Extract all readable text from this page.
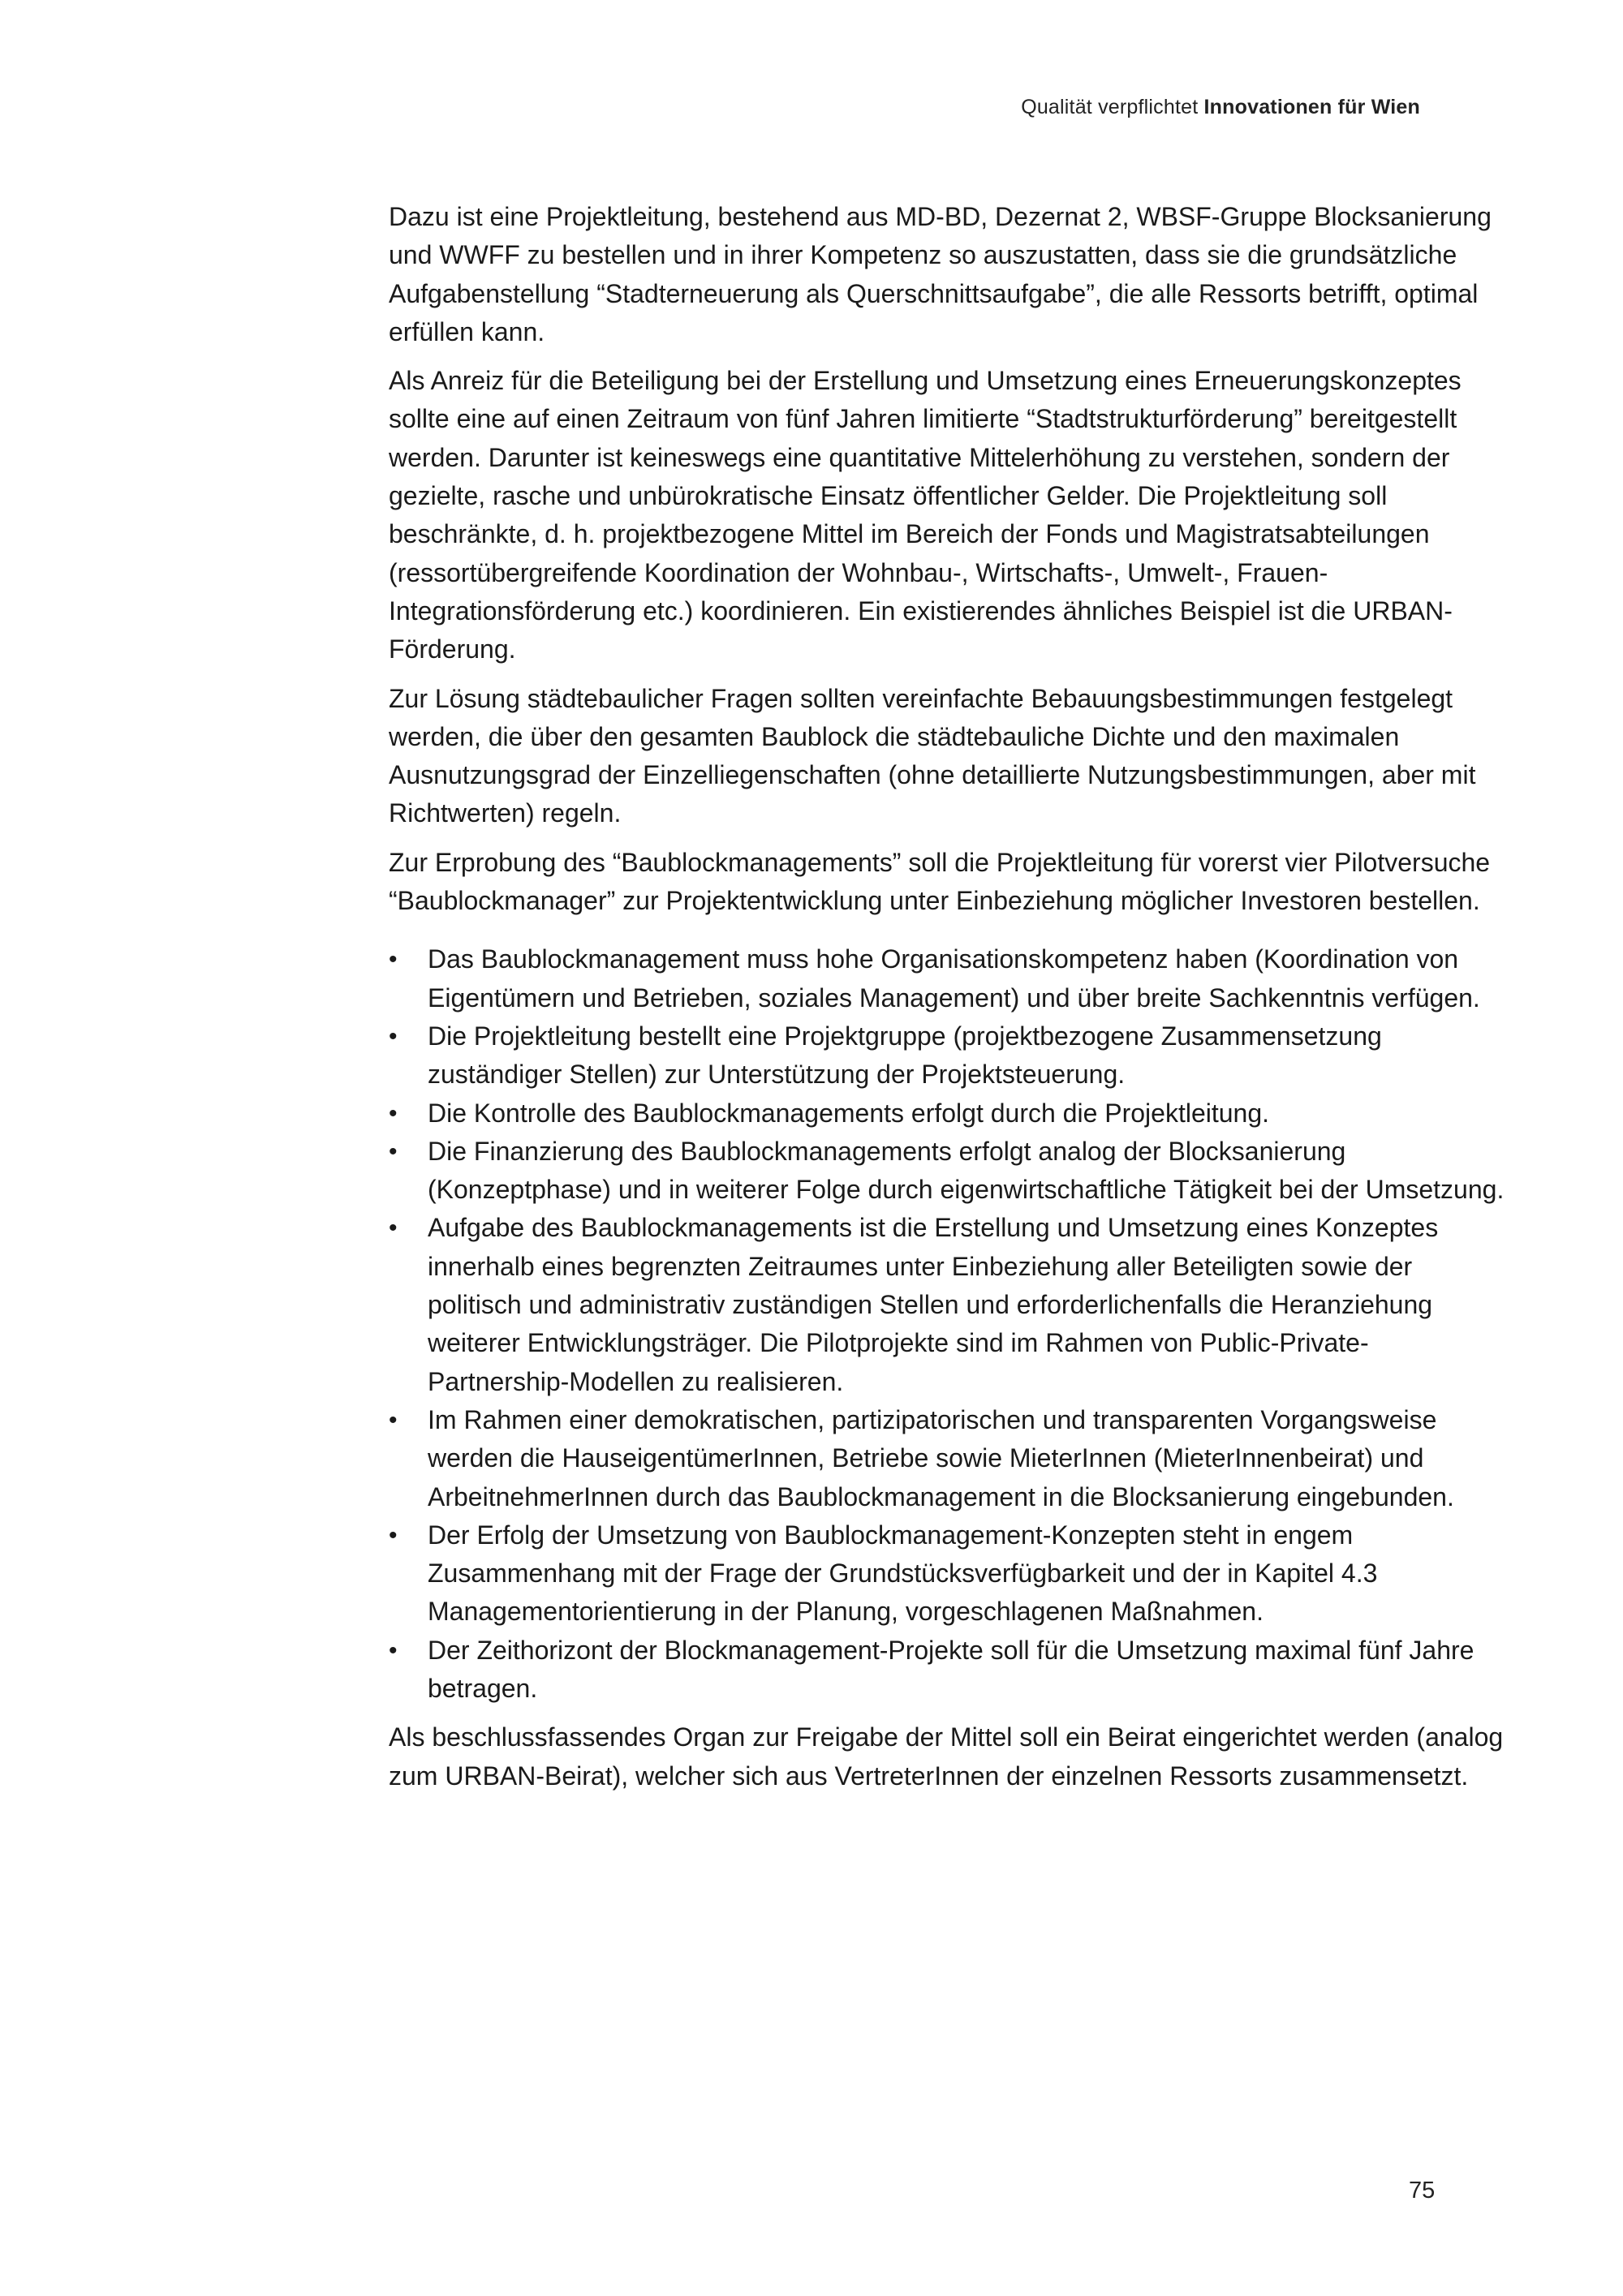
Qualität verpflichtet Innovationen für Wien

Dazu ist eine Projektleitung, bestehend aus MD-BD, Dezernat 2, WBSF-Gruppe Blocksanierung und WWFF zu bestellen und in ihrer Kompetenz so auszustatten, dass sie die grundsätzliche Aufgabenstellung “Stadterneuerung als Querschnittsaufgabe”, die alle Ressorts betrifft, optimal erfüllen kann.

Als Anreiz für die Beteiligung bei der Erstellung und Umsetzung eines Erneuerungskonzeptes sollte eine auf einen Zeitraum von fünf Jahren limitierte “Stadtstrukturförderung” bereitgestellt werden. Darunter ist keineswegs eine quantitative Mittelerhöhung zu verstehen, sondern der gezielte, rasche und unbürokratische Einsatz öffentlicher Gelder. Die Projektleitung soll beschränkte, d. h. projektbezogene Mittel im Bereich der Fonds und Magistratsabteilungen (ressortübergreifende Koordination der Wohnbau-, Wirtschafts-, Umwelt-, Frauen-Integrationsförderung etc.) koordinieren. Ein existierendes ähnliches Beispiel ist die URBAN-Förderung.

Zur Lösung städtebaulicher Fragen sollten vereinfachte Bebauungsbestimmungen festgelegt werden, die über den gesamten Baublock die städtebauliche Dichte und den maximalen Ausnutzungsgrad der Einzelliegenschaften (ohne detaillierte Nutzungsbestimmungen, aber mit Richtwerten) regeln.

Zur Erprobung des “Baublockmanagements” soll die Projektleitung für vorerst vier Pilotversuche “Baublockmanager” zur Projektentwicklung unter Einbeziehung möglicher Investoren bestellen.

• Das Baublockmanagement muss hohe Organisationskompetenz haben (Koordination von Eigentümern und Betrieben, soziales Management) und über breite Sachkenntnis verfügen.
• Die Projektleitung bestellt eine Projektgruppe (projektbezogene Zusammensetzung zuständiger Stellen) zur Unterstützung der Projektsteuerung.
• Die Kontrolle des Baublockmanagements erfolgt durch die Projektleitung.
• Die Finanzierung des Baublockmanagements erfolgt analog der Blocksanierung (Konzeptphase) und in weiterer Folge durch eigenwirtschaftliche Tätigkeit bei der Umsetzung.
• Aufgabe des Baublockmanagements ist die Erstellung und Umsetzung eines Konzeptes innerhalb eines begrenzten Zeitraumes unter Einbeziehung aller Beteiligten sowie der politisch und administrativ zuständigen Stellen und erforderlichenfalls die Heranziehung weiterer Entwicklungsträger. Die Pilotprojekte sind im Rahmen von Public-Private-Partnership-Modellen zu realisieren.
• Im Rahmen einer demokratischen, partizipatorischen und transparenten Vorgangsweise werden die HauseigentümerInnen, Betriebe sowie MieterInnen (MieterInnenbeirat) und ArbeitnehmerInnen durch das Baublockmanagement in die Blocksanierung eingebunden.
• Der Erfolg der Umsetzung von Baublockmanagement-Konzepten steht in engem Zusammenhang mit der Frage der Grundstücksverfügbarkeit und der in Kapitel 4.3 Managementorientierung in der Planung, vorgeschlagenen Maßnahmen.
• Der Zeithorizont der Blockmanagement-Projekte soll für die Umsetzung maximal fünf Jahre betragen.

Als beschlussfassendes Organ zur Freigabe der Mittel soll ein Beirat eingerichtet werden (analog zum URBAN-Beirat), welcher sich aus VertreterInnen der einzelnen Ressorts zusammensetzt.

75
